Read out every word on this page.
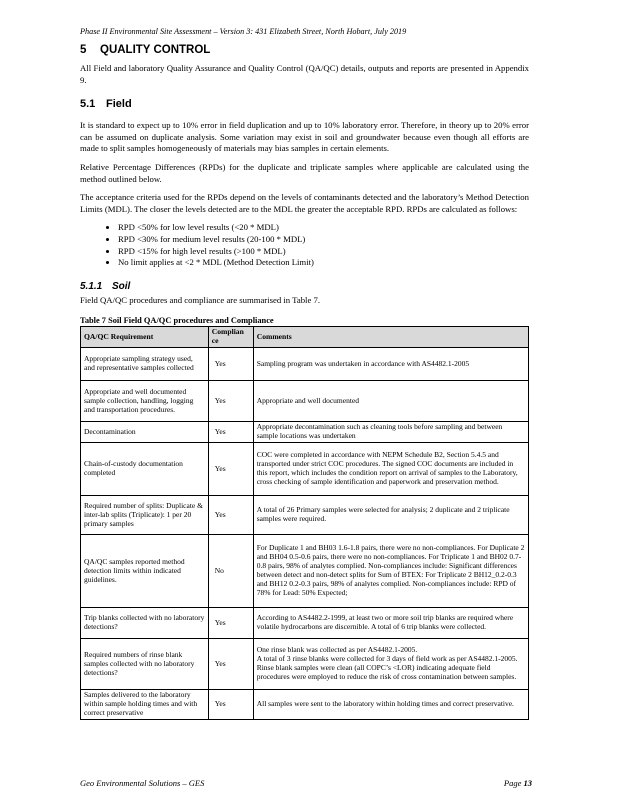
Phase II Environmental Site Assessment – Version 3: 431 Elizabeth Street, North Hobart, July 2019
5 QUALITY CONTROL

All Field and laboratory Quality Assurance and Quality Control (QA/QC) details, outputs and reports are presented in Appendix 9.

5.1 Field

It is standard to expect up to 10% error in field duplication and up to 10% laboratory error. Therefore, in theory up to 20% error can be assumed on duplicate analysis. Some variation may exist in soil and groundwater because even though all efforts are made to split samples homogeneously of materials may bias samples in certain elements.

Relative Percentage Differences (RPDs) for the duplicate and triplicate samples where applicable are calculated using the method outlined below.

The acceptance criteria used for the RPDs depend on the levels of contaminants detected and the laboratory’s Method Detection Limits (MDL). The closer the levels detected are to the MDL the greater the acceptable RPD. RPDs are calculated as follows:

• RPD <50% for low level results (<20 * MDL)
• RPD <30% for medium level results (20-100 * MDL)
• RPD <15% for high level results (>100 * MDL)
• No limit applies at <2 * MDL (Method Detection Limit)
5.1.1 Soil

Field QA/QC procedures and compliance are summarised in Table 7.

Table 7 Soil Field QA/QC procedures and Compliance
QA/QC Requirement	Complian ce	Comments
Appropriate sampling strategy used, and representative samples collected	Yes	Sampling program was undertaken in accordance with AS4482.1-2005
Appropriate and well documented sample collection, handling, logging and transportation procedures.	Yes	Appropriate and well documented
Decontamination	Yes	Appropriate decontamination such as cleaning tools before sampling and between sample locations was undertaken
Chain-of-custody documentation completed	Yes	COC were completed in accordance with NEPM Schedule B2, Section 5.4.5 and transported under strict COC procedures. The signed COC documents are included in this report, which includes the condition report on arrival of samples to the Laboratory, cross checking of sample identification and paperwork and preservation method.
Required number of splits: Duplicate & inter-lab splits (Triplicate): 1 per 20 primary samples	Yes	A total of 26 Primary samples were selected for analysis; 2 duplicate and 2 triplicate samples were required.
QA/QC samples reported method detection limits within indicated guidelines.	No	For Duplicate 1 and BH03 1.6-1.8 pairs, there were no non-compliances. For Duplicate 2 and BH04 0.5-0.6 pairs, there were no non-compliances. For Triplicate 1 and BH02 0.7-0.8 pairs, 98% of analytes complied. Non-compliances include: Significant differences between detect and non-detect splits for Sum of BTEX: For Triplicate 2 BH12_0.2-0.3 and BH12 0.2-0.3 pairs, 98% of analytes complied. Non-compliances include: RPD of 78% for Lead: 50% Expected;
Trip blanks collected with no laboratory detections?	Yes	According to AS4482.2-1999, at least two or more soil trip blanks are required where volatile hydrocarbons are discernible. A total of 6 trip blanks were collected.
Required numbers of rinse blank samples collected with no laboratory detections?	Yes	One rinse blank was collected as per AS4482.1-2005.
A total of 3 rinse blanks were collected for 3 days of field work as per AS4482.1-2005. Rinse blank samples were clean (all COPC’s <LOR) indicating adequate field procedures were employed to reduce the risk of cross contamination between samples.
Samples delivered to the laboratory within sample holding times and with correct preservative	Yes	All samples were sent to the laboratory within holding times and correct preservative.
Geo Environmental Solutions – GES	Page 13
